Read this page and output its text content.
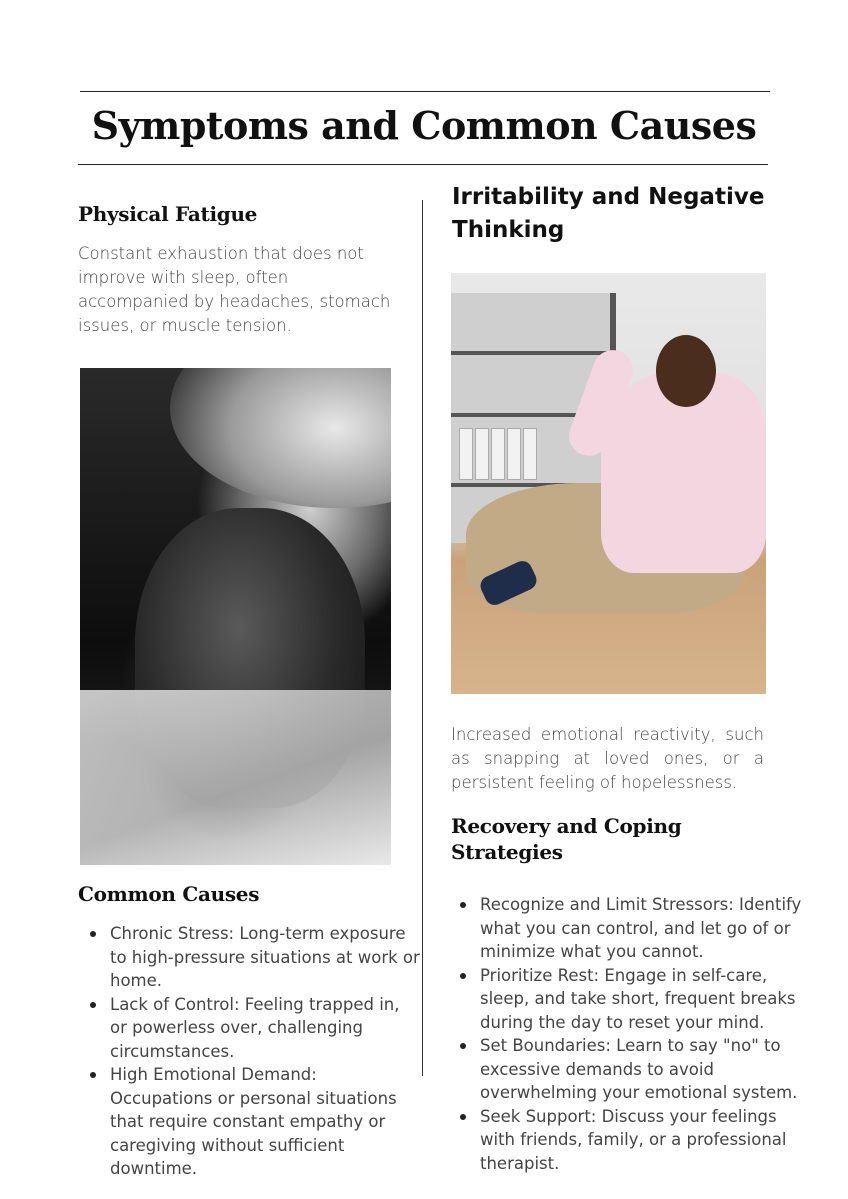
Symptoms and Common Causes
Physical Fatigue

Constant exhaustion that does not improve with sleep, often accompanied by headaches, stomach issues, or muscle tension.

Common Causes
Chronic Stress: Long-term exposure to high-pressure situations at work or home.
Lack of Control: Feeling trapped in, or powerless over, challenging circumstances.
High Emotional Demand: Occupations or personal situations that require constant empathy or caregiving without sufficient downtime.
Irritability and Negative Thinking

Increased emotional reactivity, such as snapping at loved ones, or a persistent feeling of hopelessness.

Recovery and Coping Strategies
Recognize and Limit Stressors: Identify what you can control, and let go of or minimize what you cannot.
Prioritize Rest: Engage in self-care, sleep, and take short, frequent breaks during the day to reset your mind.
Set Boundaries: Learn to say "no" to excessive demands to avoid overwhelming your emotional system.
Seek Support: Discuss your feelings with friends, family, or a professional therapist.
